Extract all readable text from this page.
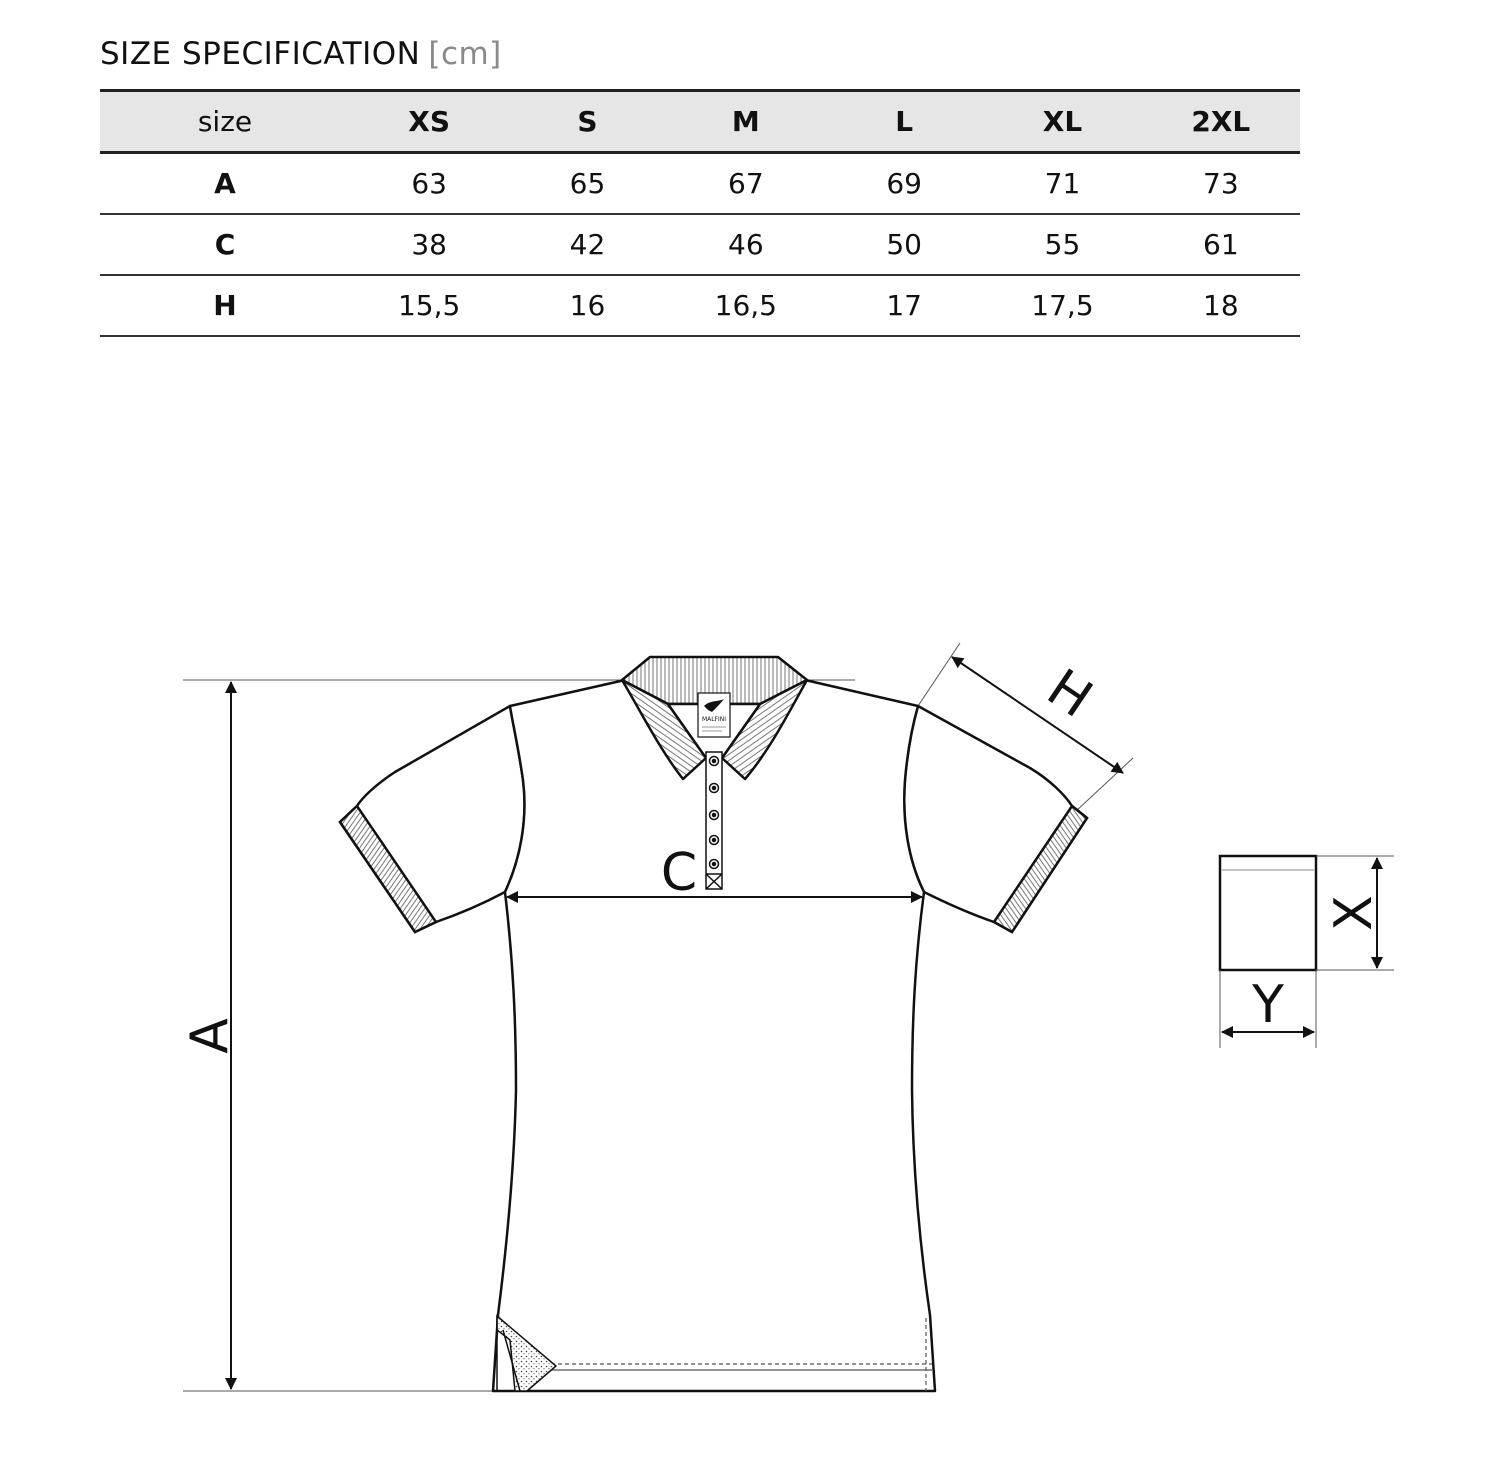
SIZE SPECIFICATION [cm]
size	XS	S	M	L	XL	2XL
A	63	65	67	69	71	73
C	38	42	46	50	55	61
H	15,5	16	16,5	17	17,5	18
MALFINI
A
C
H
X
Y
